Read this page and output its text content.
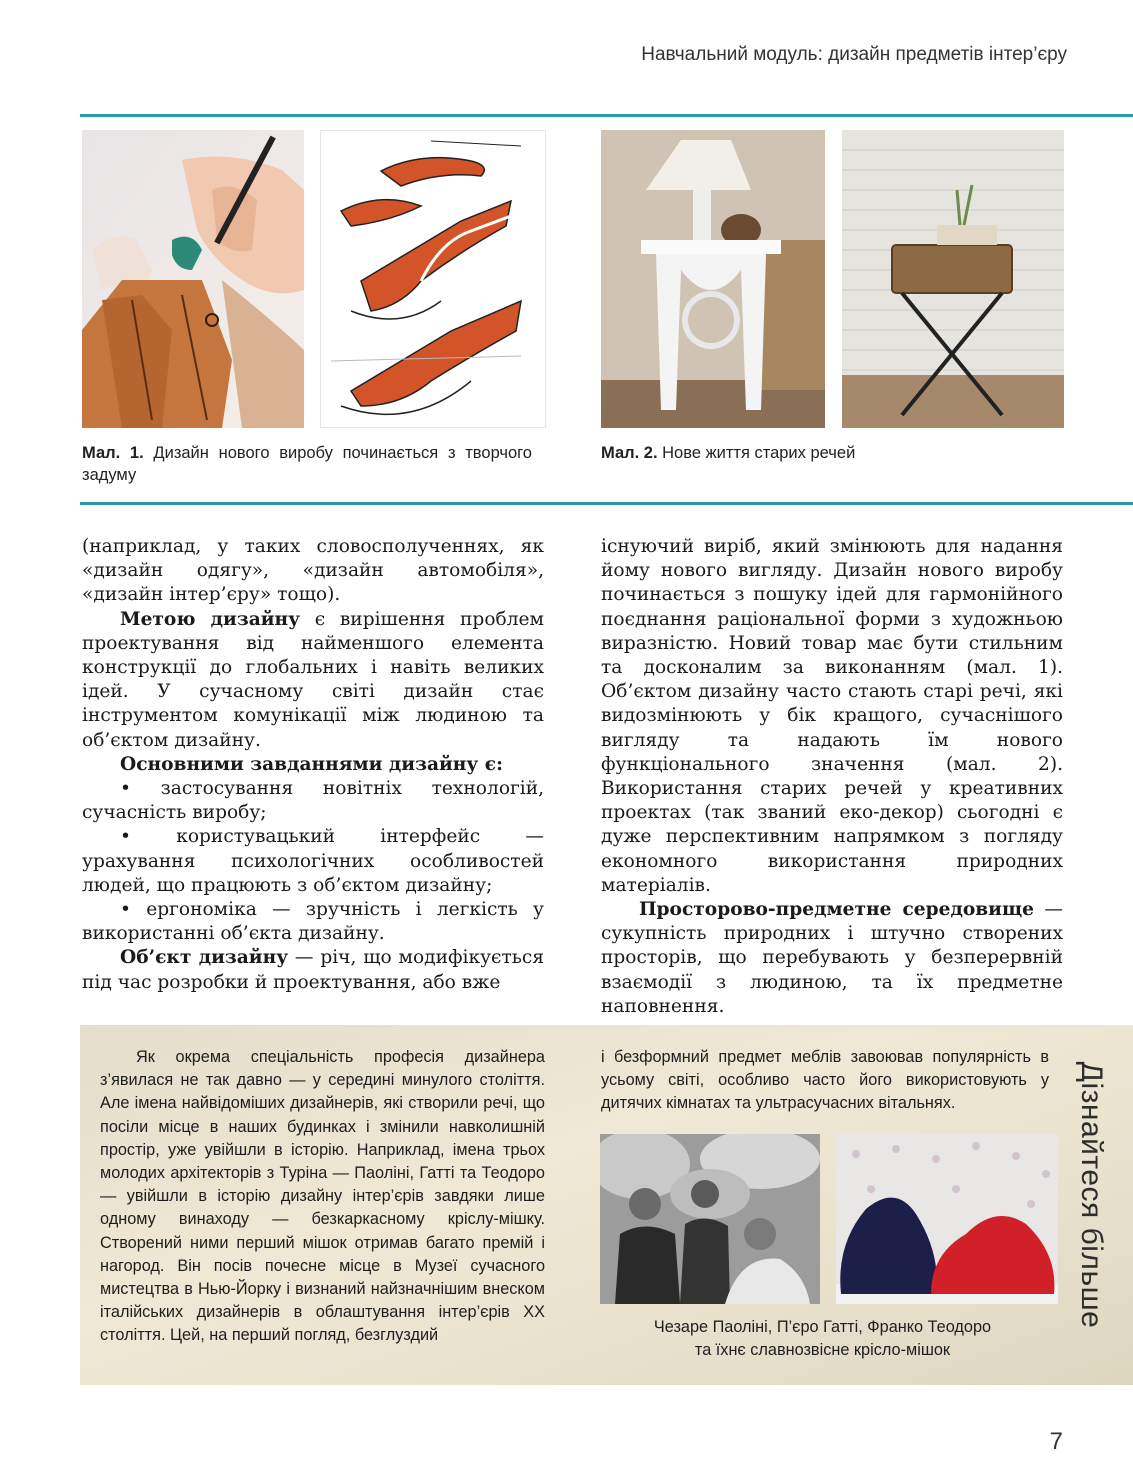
Навчальний модуль: дизайн предметів інтер’єру
Мал. 1. Дизайн нового виробу починається з творчого задуму
Мал. 2. Нове життя старих речей

(наприклад, у таких словосполученнях, як «дизайн одягу», «дизайн автомобіля», «дизайн інтер’єру» тощо).

Метою дизайну є вирішення проблем проектування від найменшого елемента конструкції до глобальних і навіть великих ідей. У сучасному світі дизайн стає інструментом комунікації між людиною та об’єктом дизайну.

Основними завданнями дизайну є:

• застосування новітніх технологій, сучасність виробу;

• користувацький інтерфейс — урахування психологічних особливостей людей, що працюють з об’єктом дизайну;

• ергономіка — зручність і легкість у використанні об’єкта дизайну.

Об’єкт дизайну — річ, що модифікується під час розробки й проектування, або вже

існуючий виріб, який змінюють для надання йому нового вигляду. Дизайн нового виробу починається з пошуку ідей для гармонійного поєднання раціональної форми з художньою виразністю. Новий товар має бути стильним та досконалим за виконанням (мал. 1). Об’єктом дизайну часто стають старі речі, які видозмінюють у бік кращого, сучаснішого вигляду та надають їм нового функціонального значення (мал. 2). Використання старих речей у креативних проектах (так званий еко-декор) сьогодні є дуже перспективним напрямком з погляду економного використання природних матеріалів.

Просторово-предметне середовище — сукупність природних і штучно створених просторів, що перебувають у безперервній взаємодії з людиною, та їх предметне наповнення.

Як окрема спеціальність професія дизайнера з’явилася не так давно — у середині минулого століття. Але імена найвідоміших дизайнерів, які створили речі, що посіли місце в наших будинках і змінили навколишній простір, уже увійшли в історію. Наприклад, імена трьох молодих архітекторів з Туріна — Паоліні, Гатті та Теодоро — увійшли в історію дизайну інтер’єрів завдяки лише одному винаходу — безкаркасному кріслу-мішку. Створений ними перший мішок отримав багато премій і нагород. Він посів почесне місце в Музеї сучасного мистецтва в Нью-Йорку і визнаний найзначнішим внеском італійських дизайнерів в облаштування інтер’єрів XX століття. Цей, на перший погляд, безглуздий

і безформний предмет меблів завоював популярність в усьому світі, особливо часто його використовують у дитячих кімнатах та ультрасучасних вітальнях.

Чезаре Паоліні, П’єро Гатті, Франко Теодоро
та їхнє славнозвісне крісло-мішок
Дізнайтеся більше
7
